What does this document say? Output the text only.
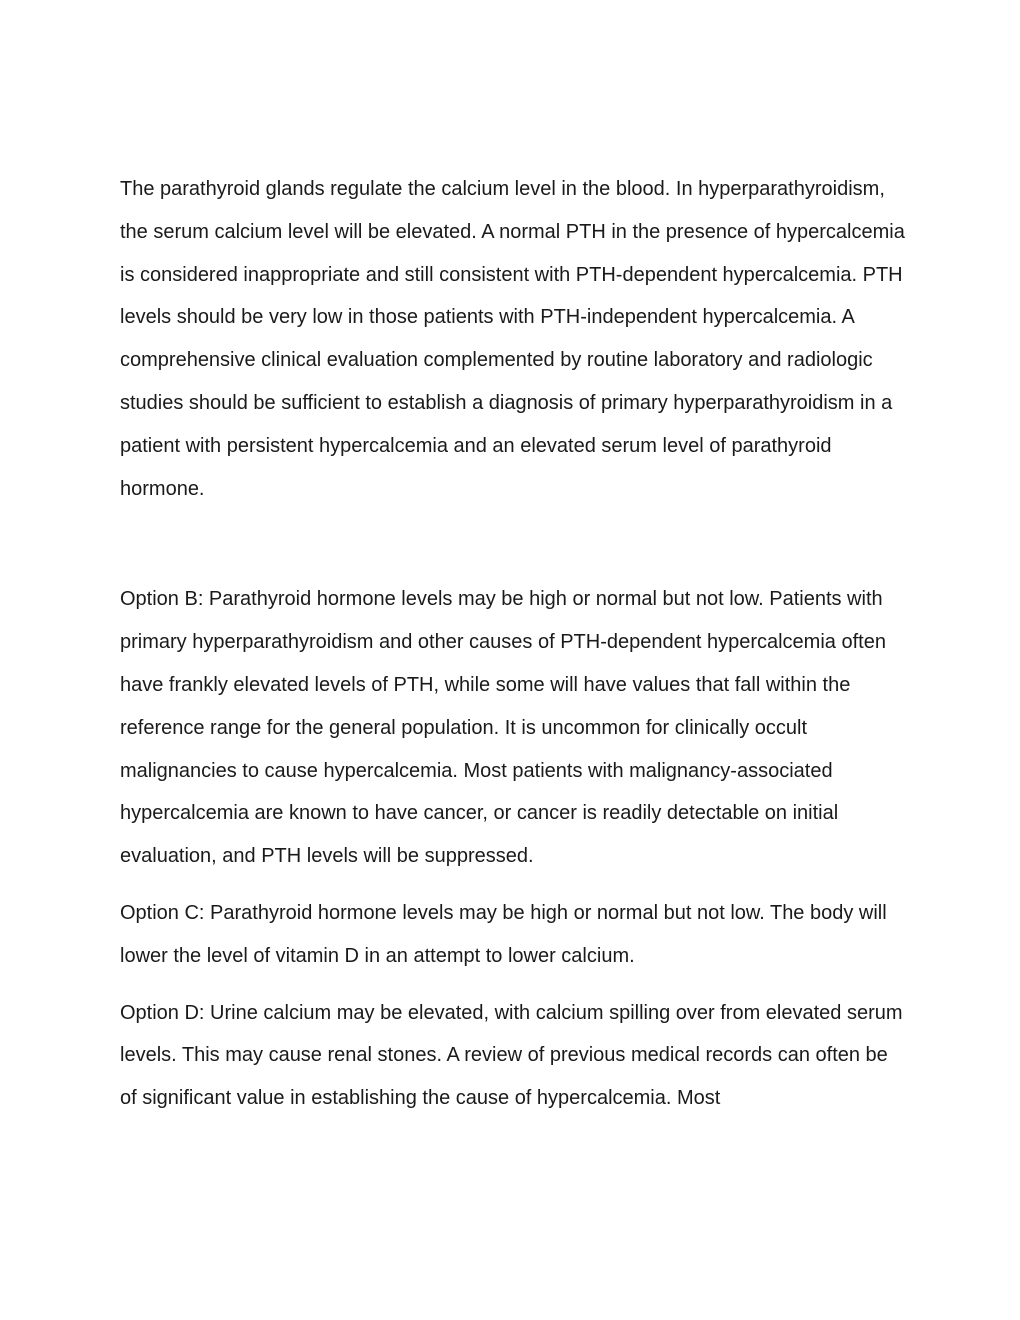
The parathyroid glands regulate the calcium level in the blood. In hyperparathyroidism, the serum calcium level will be elevated. A normal PTH in the presence of hypercalcemia is considered inappropriate and still consistent with PTH-dependent hypercalcemia. PTH levels should be very low in those patients with PTH-independent hypercalcemia. A comprehensive clinical evaluation complemented by routine laboratory and radiologic studies should be sufficient to establish a diagnosis of primary hyperparathyroidism in a patient with persistent hypercalcemia and an elevated serum level of parathyroid hormone.

Option B: Parathyroid hormone levels may be high or normal but not low. Patients with primary hyperparathyroidism and other causes of PTH-dependent hypercalcemia often have frankly elevated levels of PTH, while some will have values that fall within the reference range for the general population. It is uncommon for clinically occult malignancies to cause hypercalcemia. Most patients with malignancy-associated hypercalcemia are known to have cancer, or cancer is readily detectable on initial evaluation, and PTH levels will be suppressed.

Option C: Parathyroid hormone levels may be high or normal but not low. The body will lower the level of vitamin D in an attempt to lower calcium.

Option D: Urine calcium may be elevated, with calcium spilling over from elevated serum levels. This may cause renal stones. A review of previous medical records can often be of significant value in establishing the cause of hypercalcemia. Most
